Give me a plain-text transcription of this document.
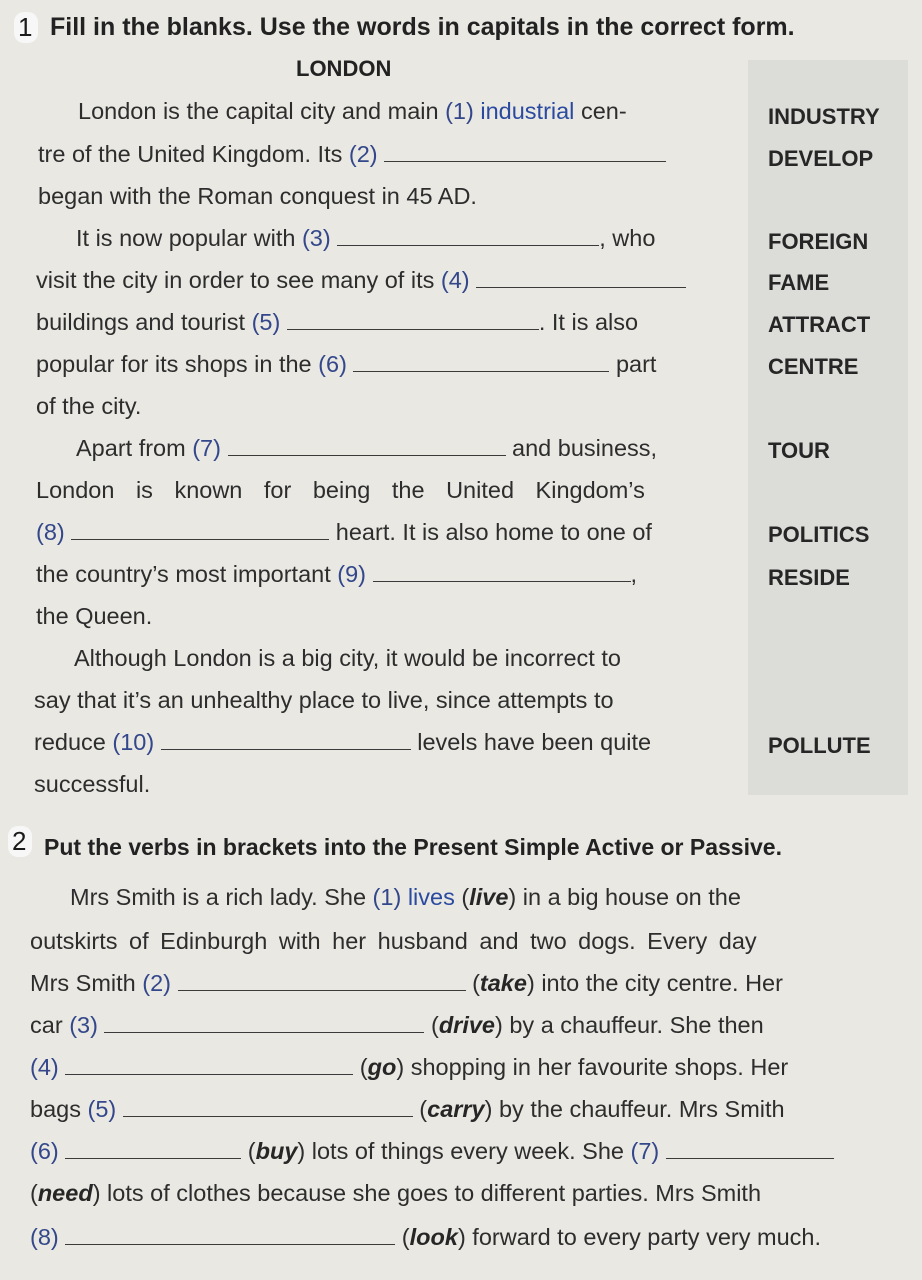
1 Fill in the blanks. Use the words in capitals in the correct form.
LONDON
London is the capital city and main (1) industrial cen-
tre of the United Kingdom. Its (2)
began with the Roman conquest in 45 AD.
It is now popular with (3)	, who
visit the city in order to see many of its (4)
buildings and tourist (5)	. It is also
popular for its shops in the (6)	part
of the city.
Apart from (7)	and business,
London is known for being the United Kingdom’s
(8)	heart. It is also home to one of
the country’s most important (9)	,
the Queen.
Although London is a big city, it would be incorrect to
say that it’s an unhealthy place to live, since attempts to
reduce (10)	levels have been quite
successful.
INDUSTRY
DEVELOP
FOREIGN
FAME
ATTRACT
CENTRE
TOUR
POLITICS
RESIDE
POLLUTE
2 Put the verbs in brackets into the Present Simple Active or Passive.
Mrs Smith is a rich lady. She (1) lives (live) in a big house on the
outskirts of Edinburgh with her husband and two dogs. Every day
Mrs Smith (2)	(take) into the city centre. Her
car (3)	(drive) by a chauffeur. She then
(4)	(go) shopping in her favourite shops. Her
bags (5)	(carry) by the chauffeur. Mrs Smith
(6)	(buy) lots of things every week. She (7)
(need) lots of clothes because she goes to different parties. Mrs Smith
(8)	(look) forward to every party very much.
